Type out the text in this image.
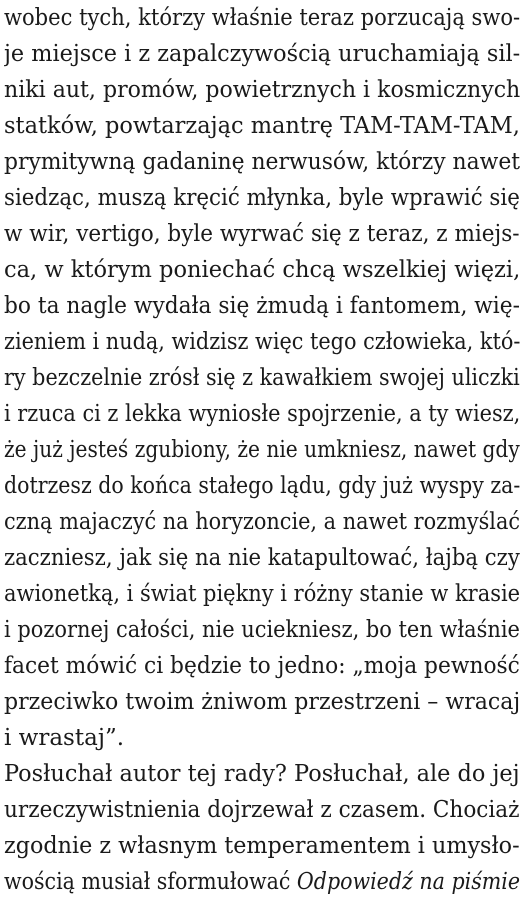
wobec tych, którzy właśnie teraz porzucają swo-
je miejsce i z zapalczywością uruchamiają sil-
niki aut, promów, powietrznych i kosmicznych
statków, powtarzając mantrę TAM-TAM-TAM,
prymitywną gadaninę nerwusów, którzy nawet
siedząc, muszą kręcić młynka, byle wprawić się
w wir, vertigo, byle wyrwać się z teraz, z miejs-
ca, w którym poniechać chcą wszelkiej więzi,
bo ta nagle wydała się żmudą i fantomem, wię-
zieniem i nudą, widzisz więc tego człowieka, któ-
ry bezczelnie zrósł się z kawałkiem swojej uliczki
i rzuca ci z lekka wyniosłe spojrzenie, a ty wiesz,
że już jesteś zgubiony, że nie umkniesz, nawet gdy
dotrzesz do końca stałego lądu, gdy już wyspy za-
czną majaczyć na horyzoncie, a nawet rozmyślać
zaczniesz, jak się na nie katapultować, łajbą czy
awionetką, i świat piękny i różny stanie w krasie
i pozornej całości, nie uciekniesz, bo ten właśnie
facet mówić ci będzie to jedno: „moja pewność
przeciwko twoim żniwom przestrzeni – wracaj
i wrastaj”.
Posłuchał autor tej rady? Posłuchał, ale do jej
urzeczywistnienia dojrzewał z czasem. Chociaż
zgodnie z własnym temperamentem i umysło-
wością musiał sformułować Odpowiedź na piśmie
